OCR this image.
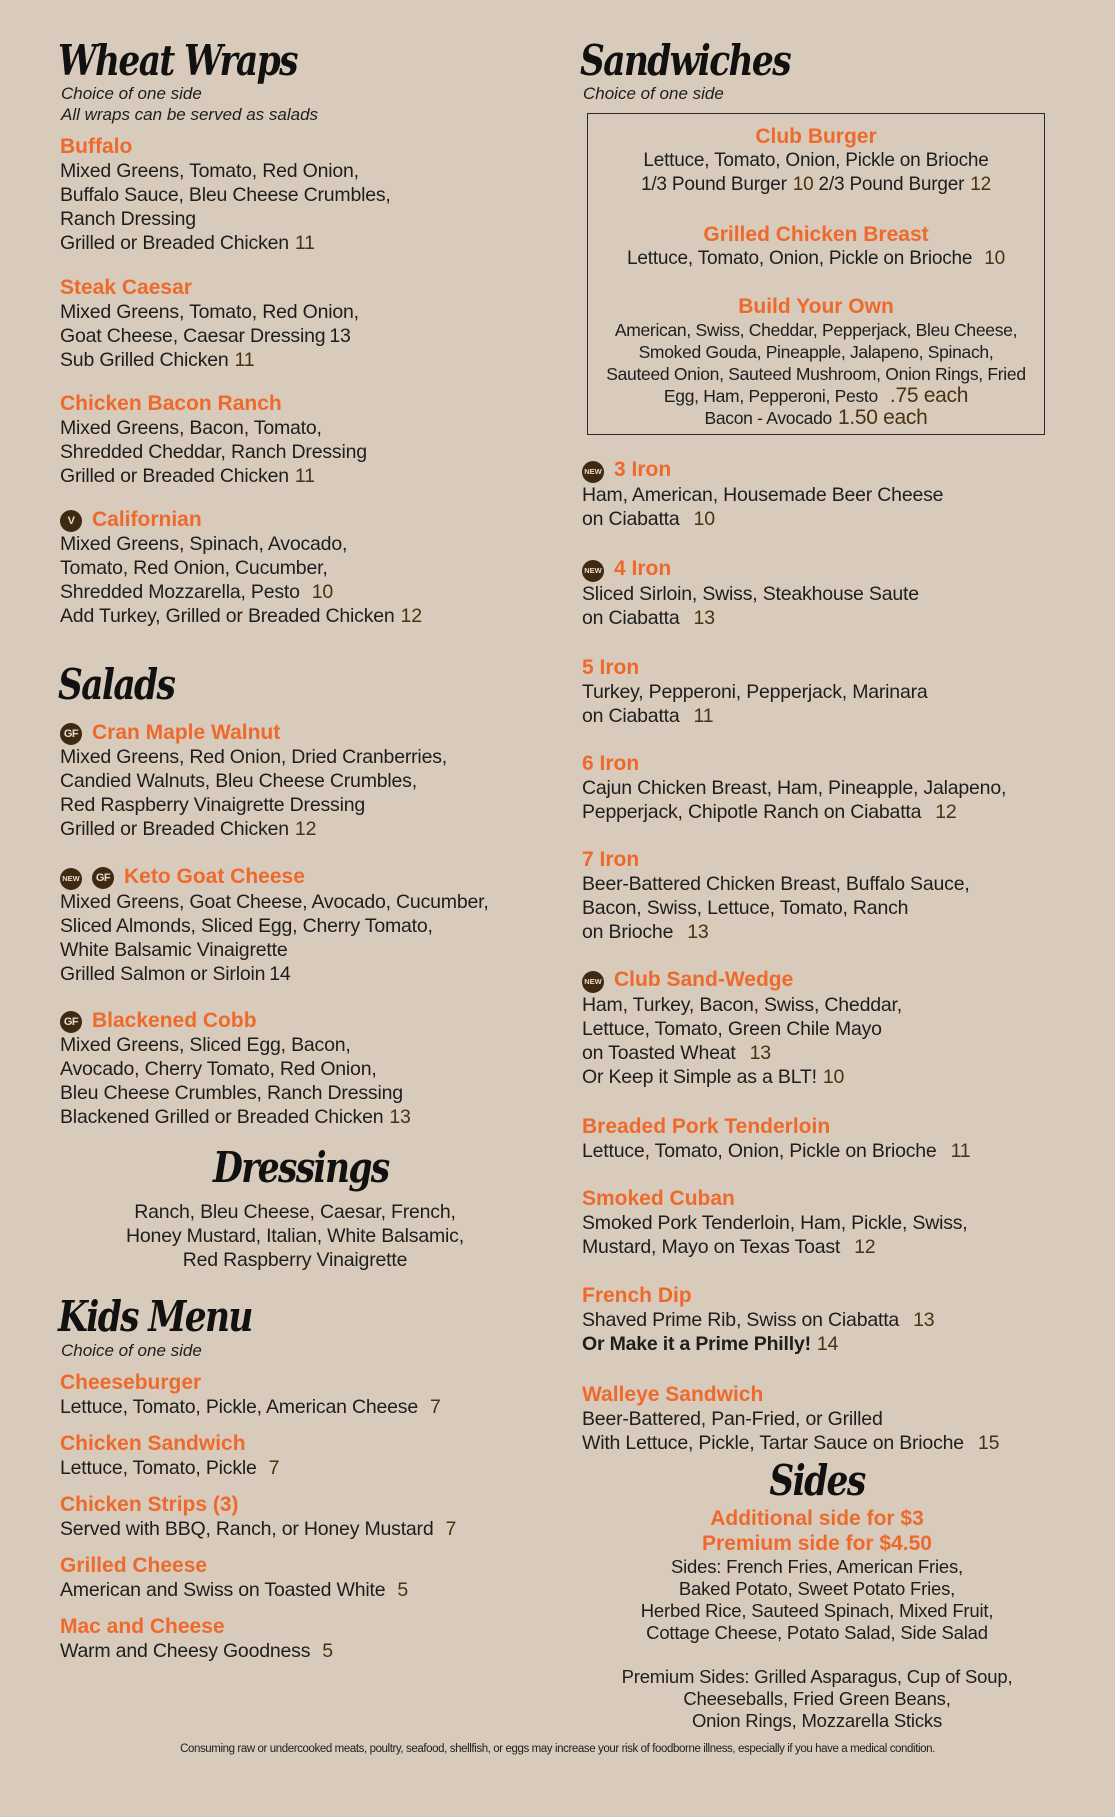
Wheat Wraps
Choice of one side
All wraps can be served as salads
Buffalo
Mixed Greens, Tomato, Red Onion,
Buffalo Sauce, Bleu Cheese Crumbles,
Ranch Dressing
Grilled or Breaded Chicken 11
Steak Caesar
Mixed Greens, Tomato, Red Onion,
Goat Cheese, Caesar Dressing 13
Sub Grilled Chicken 11
Chicken Bacon Ranch
Mixed Greens, Bacon, Tomato,
Shredded Cheddar, Ranch Dressing
Grilled or Breaded Chicken 11
V Californian
Mixed Greens, Spinach, Avocado,
Tomato, Red Onion, Cucumber,
Shredded Mozzarella, Pesto 10
Add Turkey, Grilled or Breaded Chicken 12
Salads
GF Cran Maple Walnut
Mixed Greens, Red Onion, Dried Cranberries,
Candied Walnuts, Bleu Cheese Crumbles,
Red Raspberry Vinaigrette Dressing
Grilled or Breaded Chicken 12
NEW GF Keto Goat Cheese
Mixed Greens, Goat Cheese, Avocado, Cucumber,
Sliced Almonds, Sliced Egg, Cherry Tomato,
White Balsamic Vinaigrette
Grilled Salmon or Sirloin 14
GF Blackened Cobb
Mixed Greens, Sliced Egg, Bacon,
Avocado, Cherry Tomato, Red Onion,
Bleu Cheese Crumbles, Ranch Dressing
Blackened Grilled or Breaded Chicken 13
Dressings
Ranch, Bleu Cheese, Caesar, French,
Honey Mustard, Italian, White Balsamic,
Red Raspberry Vinaigrette
Kids Menu
Choice of one side
Cheeseburger
Lettuce, Tomato, Pickle, American Cheese 7
Chicken Sandwich
Lettuce, Tomato, Pickle 7
Chicken Strips (3)
Served with BBQ, Ranch, or Honey Mustard 7
Grilled Cheese
American and Swiss on Toasted White 5
Mac and Cheese
Warm and Cheesy Goodness 5
Sandwiches
Choice of one side
Club Burger
Lettuce, Tomato, Onion, Pickle on Brioche
1/3 Pound Burger 10 2/3 Pound Burger 12
Grilled Chicken Breast
Lettuce, Tomato, Onion, Pickle on Brioche 10
Build Your Own
American, Swiss, Cheddar, Pepperjack, Bleu Cheese,
Smoked Gouda, Pineapple, Jalapeno, Spinach,
Sauteed Onion, Sauteed Mushroom, Onion Rings, Fried
Egg, Ham, Pepperoni, Pesto .75 each
Bacon - Avocado 1.50 each
NEW 3 Iron
Ham, American, Housemade Beer Cheese
on Ciabatta 10
NEW 4 Iron
Sliced Sirloin, Swiss, Steakhouse Saute
on Ciabatta 13
5 Iron
Turkey, Pepperoni, Pepperjack, Marinara
on Ciabatta 11
6 Iron
Cajun Chicken Breast, Ham, Pineapple, Jalapeno,
Pepperjack, Chipotle Ranch on Ciabatta 12
7 Iron
Beer-Battered Chicken Breast, Buffalo Sauce,
Bacon, Swiss, Lettuce, Tomato, Ranch
on Brioche 13
NEW Club Sand-Wedge
Ham, Turkey, Bacon, Swiss, Cheddar,
Lettuce, Tomato, Green Chile Mayo
on Toasted Wheat 13
Or Keep it Simple as a BLT! 10
Breaded Pork Tenderloin
Lettuce, Tomato, Onion, Pickle on Brioche 11
Smoked Cuban
Smoked Pork Tenderloin, Ham, Pickle, Swiss,
Mustard, Mayo on Texas Toast 12
French Dip
Shaved Prime Rib, Swiss on Ciabatta 13
Or Make it a Prime Philly! 14
Walleye Sandwich
Beer-Battered, Pan-Fried, or Grilled
With Lettuce, Pickle, Tartar Sauce on Brioche 15
Sides
Additional side for $3
Premium side for $4.50
Sides: French Fries, American Fries,
Baked Potato, Sweet Potato Fries,
Herbed Rice, Sauteed Spinach, Mixed Fruit,
Cottage Cheese, Potato Salad, Side Salad
Premium Sides: Grilled Asparagus, Cup of Soup,
Cheeseballs, Fried Green Beans,
Onion Rings, Mozzarella Sticks
Consuming raw or undercooked meats, poultry, seafood, shellfish, or eggs may increase your risk of foodborne illness, especially if you have a medical condition.
